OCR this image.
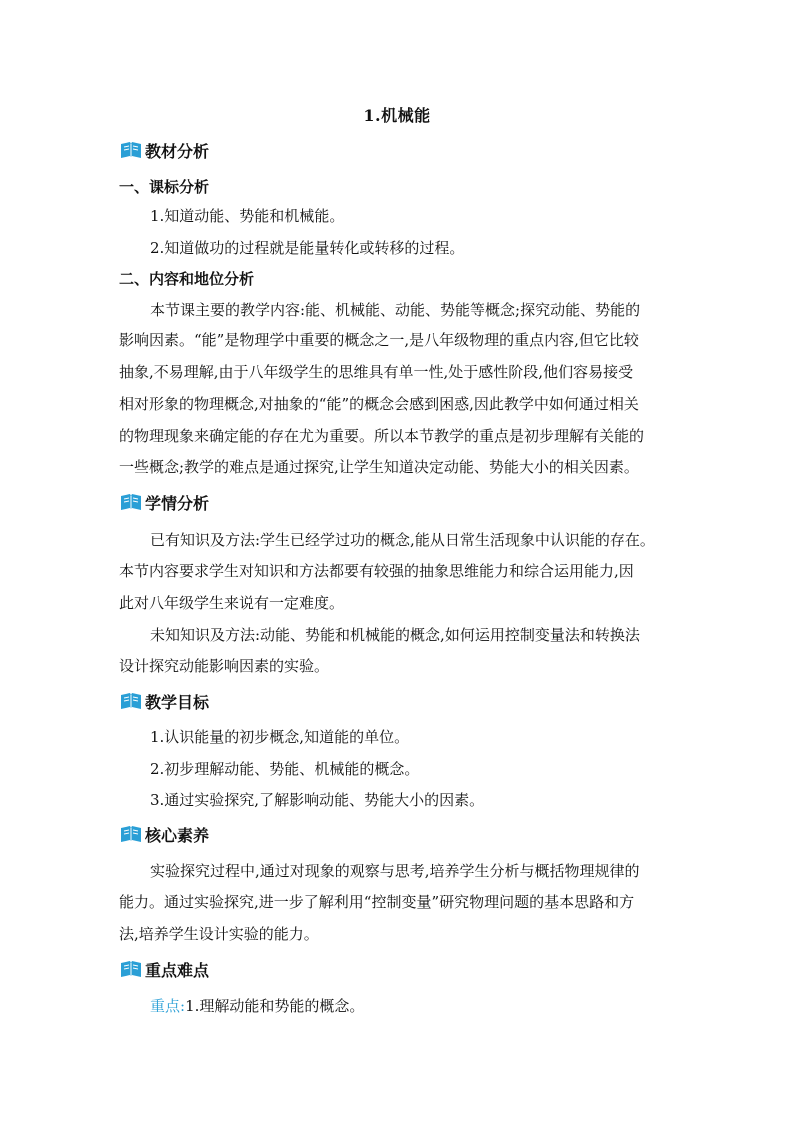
1.机械能
教材分析
一、课标分析
1.知道动能、势能和机械能。
2.知道做功的过程就是能量转化或转移的过程。
二、内容和地位分析
本节课主要的教学内容:能、机械能、动能、势能等概念;探究动能、势能的
影响因素。“能”是物理学中重要的概念之一,是八年级物理的重点内容,但它比较
抽象,不易理解,由于八年级学生的思维具有单一性,处于感性阶段,他们容易接受
相对形象的物理概念,对抽象的“能”的概念会感到困惑,因此教学中如何通过相关
的物理现象来确定能的存在尤为重要。所以本节教学的重点是初步理解有关能的
一些概念;教学的难点是通过探究,让学生知道决定动能、势能大小的相关因素。
学情分析
已有知识及方法:学生已经学过功的概念,能从日常生活现象中认识能的存在。
本节内容要求学生对知识和方法都要有较强的抽象思维能力和综合运用能力,因
此对八年级学生来说有一定难度。
未知知识及方法:动能、势能和机械能的概念,如何运用控制变量法和转换法
设计探究动能影响因素的实验。
教学目标
1.认识能量的初步概念,知道能的单位。
2.初步理解动能、势能、机械能的概念。
3.通过实验探究,了解影响动能、势能大小的因素。
核心素养
实验探究过程中,通过对现象的观察与思考,培养学生分析与概括物理规律的
能力。通过实验探究,进一步了解利用“控制变量”研究物理问题的基本思路和方
法,培养学生设计实验的能力。
重点难点
重点:1.理解动能和势能的概念。
